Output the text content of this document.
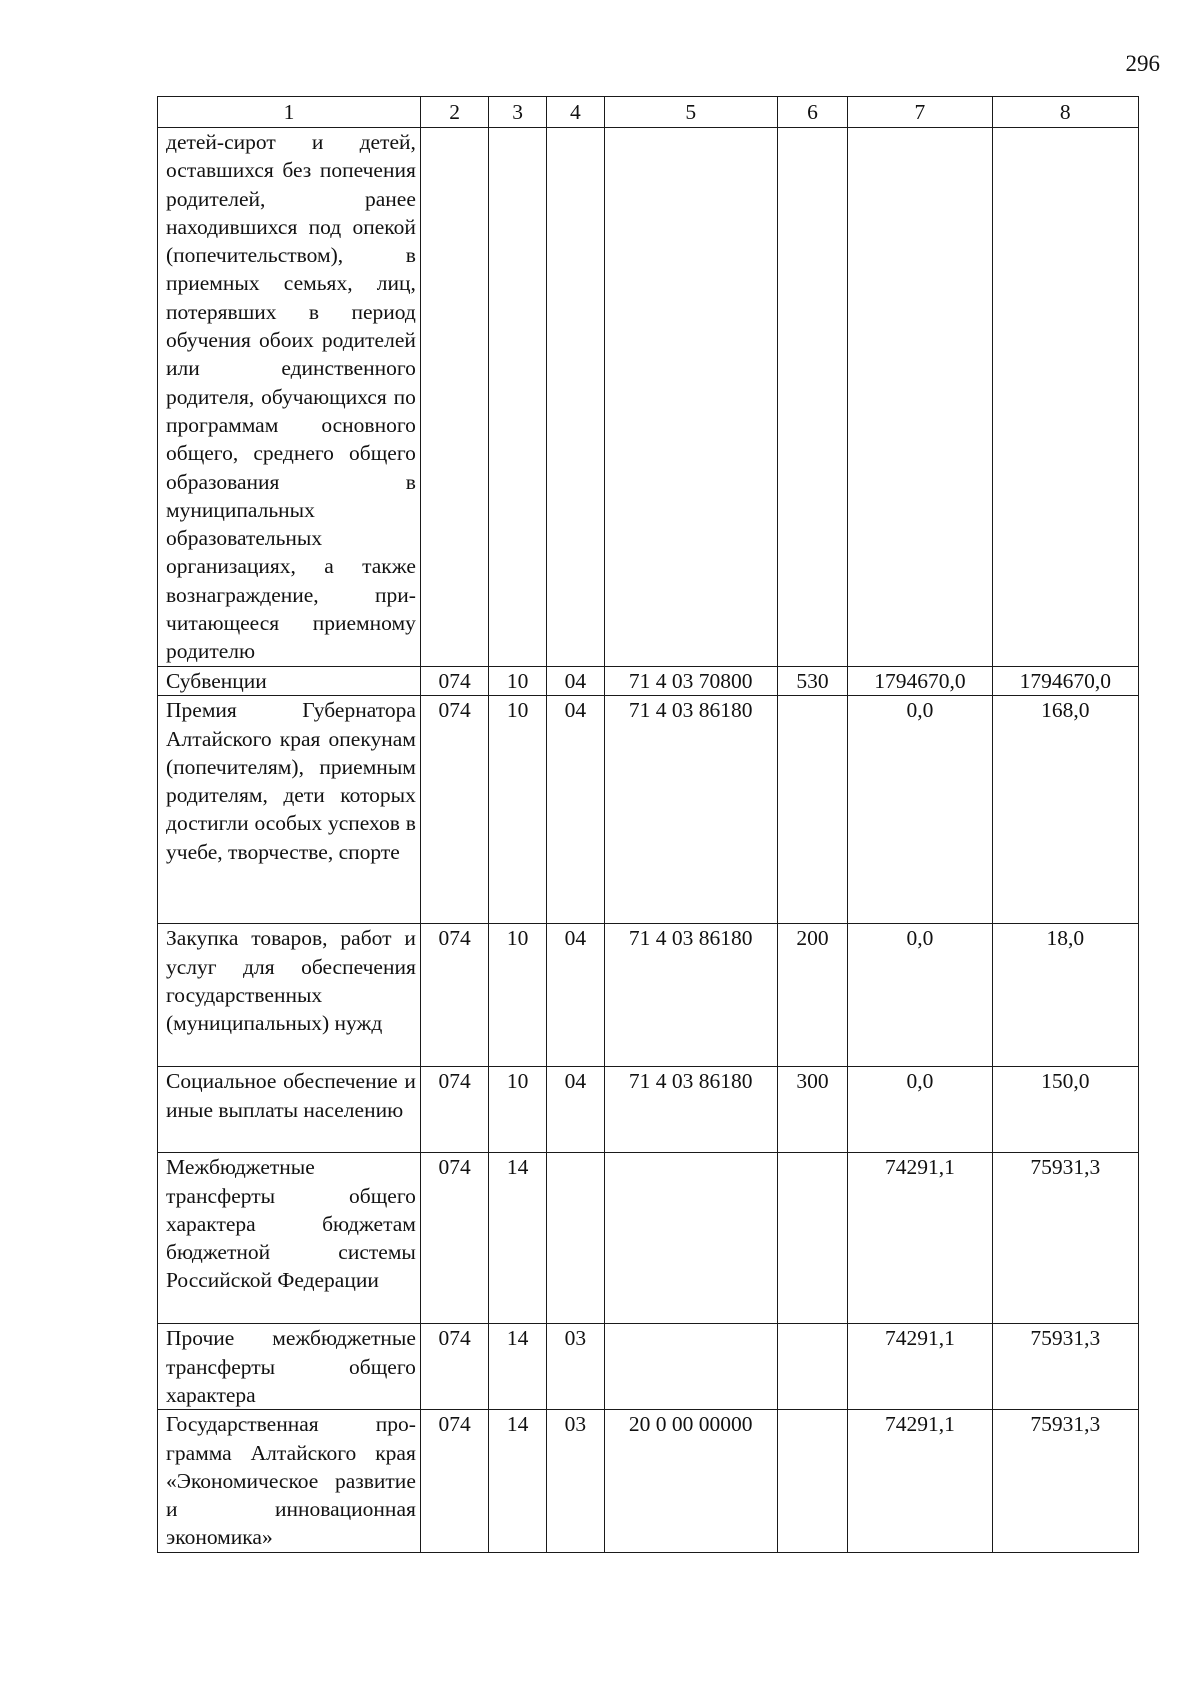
296
1	2	3	4	5	6	7	8
детей-сирот и детей, оставшихся без попечения родителей, ранее находившихся под опекой (попечительством), в приемных семьях, лиц, потерявших в период обучения обоих родителей или единственного родителя, обучающихся по программам основного общего, среднего общего образования в муниципальных образовательных организациях, а также вознаграждение, причитающееся приемному родителю							
Субвенции	074	10	04	71 4 03 70800	530	1794670,0	1794670,0
Премия Губернатора Алтайского края опекунам (попечителям), приемным родителям, дети которых достигли особых успехов в учебе, творчестве, спорте	074	10	04	71 4 03 86180		0,0	168,0
Закупка товаров, работ и услуг для обеспечения государственных (муниципальных) нужд	074	10	04	71 4 03 86180	200	0,0	18,0
Социальное обеспечение и иные выплаты населению	074	10	04	71 4 03 86180	300	0,0	150,0
Межбюджетные трансферты общего характера бюджетам бюджетной системы Российской Федерации	074	14				74291,1	75931,3
Прочие межбюджетные трансферты общего характера	074	14	03			74291,1	75931,3
Государственная программа Алтайского края «Экономическое развитие и инновационная экономика»	074	14	03	20 0 00 00000		74291,1	75931,3
